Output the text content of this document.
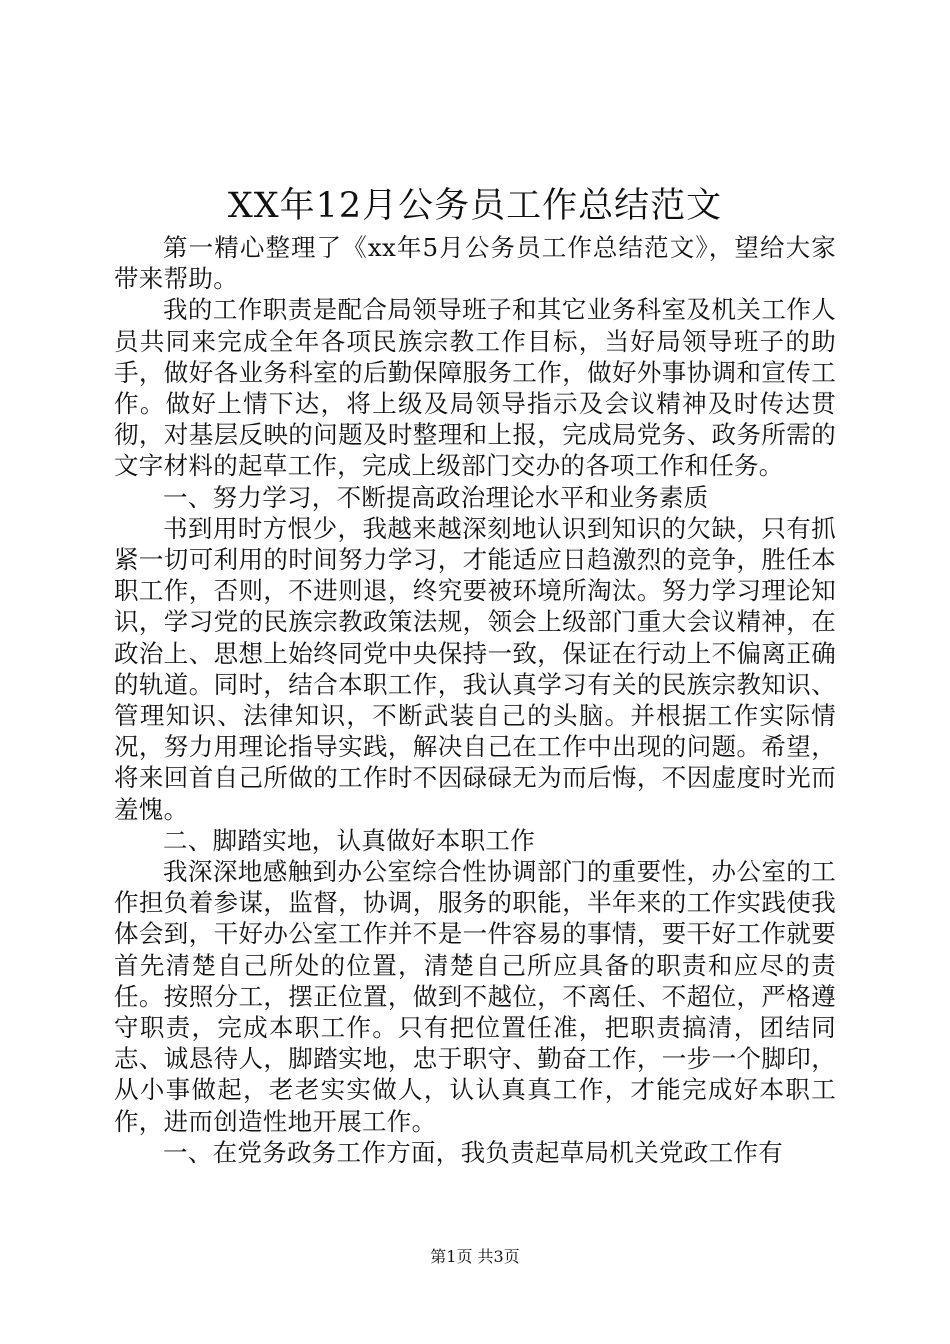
XX年12月公务员工作总结范文

第一精心整理了《xx年5月公务员工作总结范文》，望给大家带来帮助。

我的工作职责是配合局领导班子和其它业务科室及机关工作人员共同来完成全年各项民族宗教工作目标，当好局领导班子的助手，做好各业务科室的后勤保障服务工作，做好外事协调和宣传工作。做好上情下达，将上级及局领导指示及会议精神及时传达贯彻，对基层反映的问题及时整理和上报，完成局党务、政务所需的文字材料的起草工作，完成上级部门交办的各项工作和任务。

一、努力学习，不断提高政治理论水平和业务素质

书到用时方恨少，我越来越深刻地认识到知识的欠缺，只有抓紧一切可利用的时间努力学习，才能适应日趋激烈的竞争，胜任本职工作，否则，不进则退，终究要被环境所淘汰。努力学习理论知识，学习党的民族宗教政策法规，领会上级部门重大会议精神，在政治上、思想上始终同党中央保持一致，保证在行动上不偏离正确的轨道。同时，结合本职工作，我认真学习有关的民族宗教知识、管理知识、法律知识，不断武装自己的头脑。并根据工作实际情况，努力用理论指导实践，解决自己在工作中出现的问题。希望，将来回首自己所做的工作时不因碌碌无为而后悔，不因虚度时光而羞愧。

二、脚踏实地，认真做好本职工作

我深深地感触到办公室综合性协调部门的重要性，办公室的工作担负着参谋，监督，协调，服务的职能，半年来的工作实践使我体会到，干好办公室工作并不是一件容易的事情，要干好工作就要首先清楚自己所处的位置，清楚自己所应具备的职责和应尽的责任。按照分工，摆正位置，做到不越位，不离任、不超位，严格遵守职责，完成本职工作。只有把位置任准，把职责搞清，团结同志、诚恳待人，脚踏实地，忠于职守、勤奋工作，一步一个脚印，从小事做起，老老实实做人，认认真真工作，才能完成好本职工作，进而创造性地开展工作。

一、在党务政务工作方面，我负责起草局机关党政工作有

第1页 共3页
